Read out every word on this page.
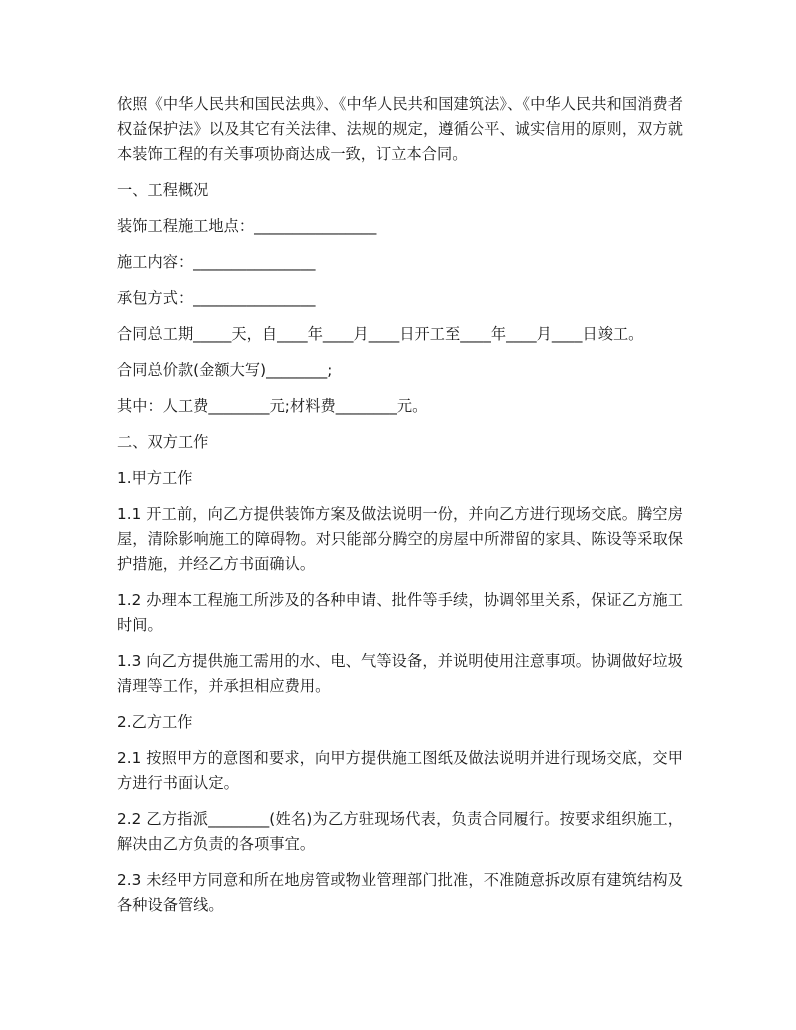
依照《中华人民共和国民法典》、《中华人民共和国建筑法》、《中华人民共和国消费者权益保护法》以及其它有关法律、法规的规定，遵循公平、诚实信用的原则，双方就本装饰工程的有关事项协商达成一致，订立本合同。

一、工程概况

装饰工程施工地点：________________

施工内容：________________

承包方式：________________

合同总工期_____天，自____年____月____日开工至____年____月____日竣工。

合同总价款(金额大写)________;

其中：人工费________元;材料费________元。

二、双方工作

1.甲方工作

1.1 开工前，向乙方提供装饰方案及做法说明一份，并向乙方进行现场交底。腾空房屋，清除影响施工的障碍物。对只能部分腾空的房屋中所滞留的家具、陈设等采取保护措施，并经乙方书面确认。

1.2 办理本工程施工所涉及的各种申请、批件等手续，协调邻里关系，保证乙方施工时间。

1.3 向乙方提供施工需用的水、电、气等设备，并说明使用注意事项。协调做好垃圾清理等工作，并承担相应费用。

2.乙方工作

2.1 按照甲方的意图和要求，向甲方提供施工图纸及做法说明并进行现场交底，交甲方进行书面认定。

2.2 乙方指派________(姓名)为乙方驻现场代表，负责合同履行。按要求组织施工，解决由乙方负责的各项事宜。

2.3 未经甲方同意和所在地房管或物业管理部门批准，不准随意拆改原有建筑结构及各种设备管线。
